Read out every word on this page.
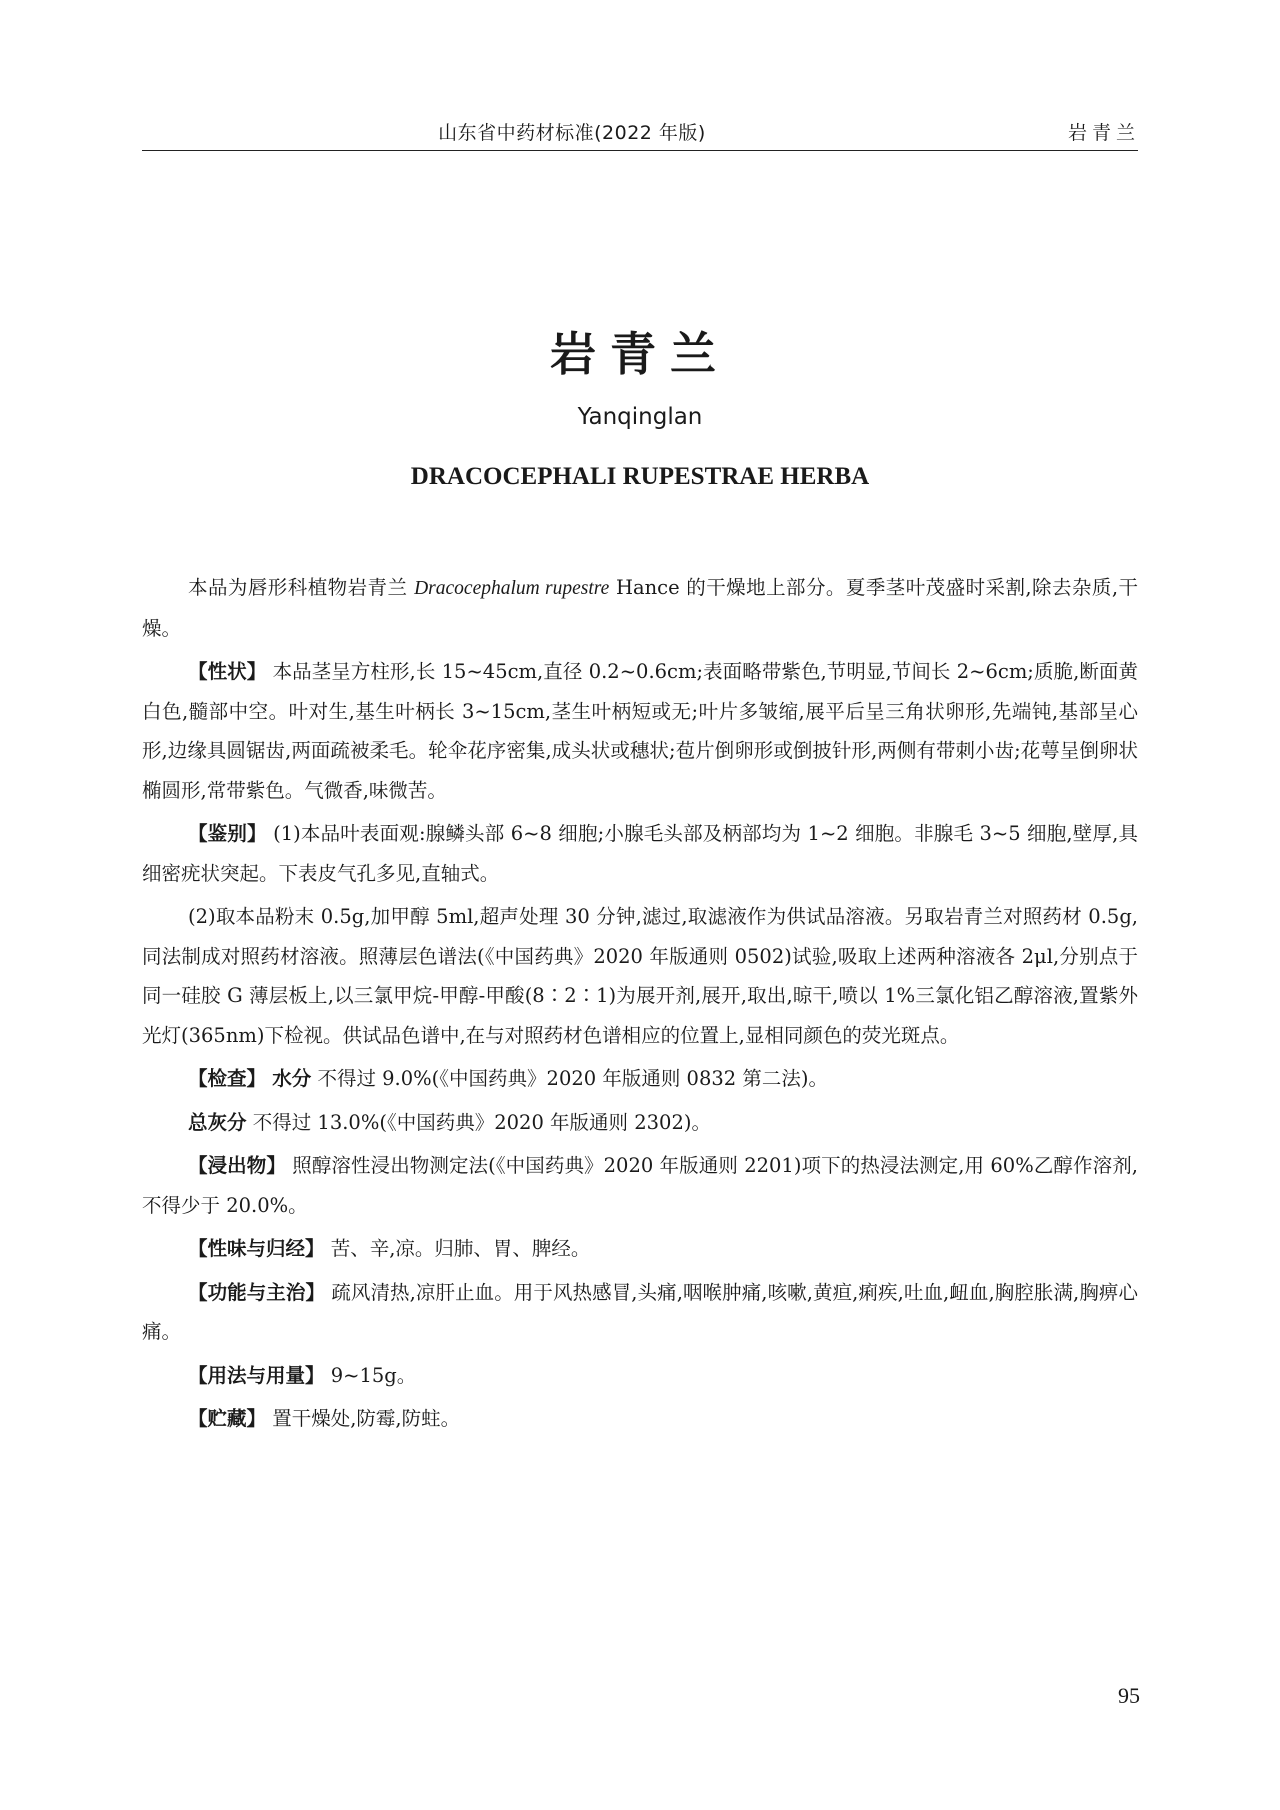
山东省中药材标准(2022 年版)	岩青兰
岩青兰
Yanqinglan
DRACOCEPHALI RUPESTRAE HERBA

本品为唇形科植物岩青兰 Dracocephalum rupestre Hance 的干燥地上部分。夏季茎叶茂盛时采割,除去杂质,干燥。

【性状】 本品茎呈方柱形,长 15~45cm,直径 0.2~0.6cm;表面略带紫色,节明显,节间长 2~6cm;质脆,断面黄白色,髓部中空。叶对生,基生叶柄长 3~15cm,茎生叶柄短或无;叶片多皱缩,展平后呈三角状卵形,先端钝,基部呈心形,边缘具圆锯齿,两面疏被柔毛。轮伞花序密集,成头状或穗状;苞片倒卵形或倒披针形,两侧有带刺小齿;花萼呈倒卵状椭圆形,常带紫色。气微香,味微苦。

【鉴别】 (1)本品叶表面观:腺鳞头部 6~8 细胞;小腺毛头部及柄部均为 1~2 细胞。非腺毛 3~5 细胞,壁厚,具细密疣状突起。下表皮气孔多见,直轴式。

(2)取本品粉末 0.5g,加甲醇 5ml,超声处理 30 分钟,滤过,取滤液作为供试品溶液。另取岩青兰对照药材 0.5g,同法制成对照药材溶液。照薄层色谱法(《中国药典》2020 年版通则 0502)试验,吸取上述两种溶液各 2μl,分别点于同一硅胶 G 薄层板上,以三氯甲烷-甲醇-甲酸(8∶2∶1)为展开剂,展开,取出,晾干,喷以 1%三氯化铝乙醇溶液,置紫外光灯(365nm)下检视。供试品色谱中,在与对照药材色谱相应的位置上,显相同颜色的荧光斑点。

【检查】 水分 不得过 9.0%(《中国药典》2020 年版通则 0832 第二法)。

总灰分 不得过 13.0%(《中国药典》2020 年版通则 2302)。

【浸出物】 照醇溶性浸出物测定法(《中国药典》2020 年版通则 2201)项下的热浸法测定,用 60%乙醇作溶剂,不得少于 20.0%。

【性味与归经】 苦、辛,凉。归肺、胃、脾经。

【功能与主治】 疏风清热,凉肝止血。用于风热感冒,头痛,咽喉肿痛,咳嗽,黄疸,痢疾,吐血,衄血,胸腔胀满,胸痹心痛。

【用法与用量】 9~15g。

【贮藏】 置干燥处,防霉,防蛀。

95
